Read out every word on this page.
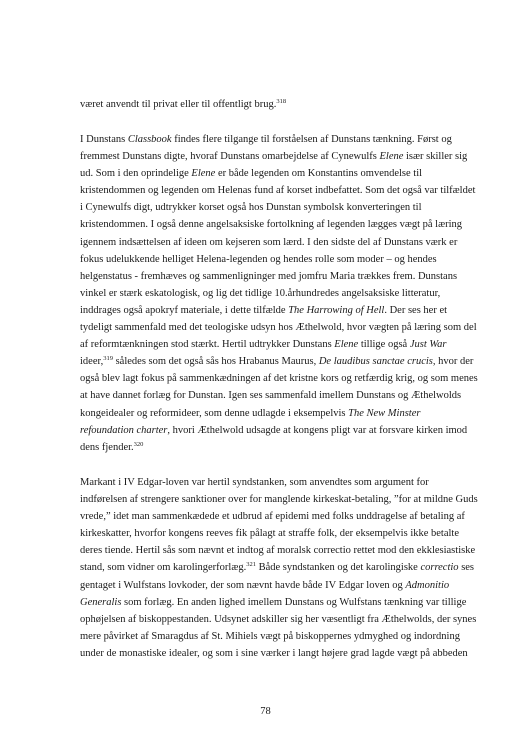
været anvendt til privat eller til offentligt brug.$^{318}$
I Dunstans Classbook findes flere tilgange til forståelsen af Dunstans tænkning. Først og
fremmest Dunstans digte, hvoraf Dunstans omarbejdelse af Cynewulfs Elene især skiller sig
ud. Som i den oprindelige Elene er både legenden om Konstantins omvendelse til
kristendommen og legenden om Helenas fund af korset indbefattet. Som det også var tilfældet
i Cynewulfs digt, udtrykker korset også hos Dunstan symbolsk konverteringen til
kristendommen. I også denne angelsaksiske fortolkning af legenden lægges vægt på læring
igennem indsættelsen af ideen om kejseren som lærd. I den sidste del af Dunstans værk er
fokus udelukkende helliget Helena-legenden og hendes rolle som moder – og hendes
helgenstatus - fremhæves og sammenligninger med jomfru Maria trækkes frem. Dunstans
vinkel er stærk eskatologisk, og lig det tidlige 10.århundredes angelsaksiske litteratur,
inddrages også apokryf materiale, i dette tilfælde The Harrowing of Hell. Der ses her et
tydeligt sammenfald med det teologiske udsyn hos Æthelwold, hvor vægten på læring som del
af reformtænkningen stod stærkt. Hertil udtrykker Dunstans Elene tillige også Just War
ideer,$^{319}$ således som det også sås hos Hrabanus Maurus, De laudibus sanctae crucis, hvor der
også blev lagt fokus på sammenkædningen af det kristne kors og retfærdig krig, og som menes
at have dannet forlæg for Dunstan. Igen ses sammenfald imellem Dunstans og Æthelwolds
kongeidealer og reformideer, som denne udlagde i eksempelvis The New Minster
refoundation charter, hvori Æthelwold udsagde at kongens pligt var at forsvare kirken imod
dens fjender.$^{320}$
Markant i IV Edgar-loven var hertil syndstanken, som anvendtes som argument for
indførelsen af strengere sanktioner over for manglende kirkeskat-betaling, ”for at mildne Guds
vrede,” idet man sammenkædede et udbrud af epidemi med folks unddragelse af betaling af
kirkeskatter, hvorfor kongens reeves fik pålagt at straffe folk, der eksempelvis ikke betalte
deres tiende. Hertil sås som nævnt et indtog af moralsk correctio rettet mod den ekklesiastiske
stand, som vidner om karolingerforlæg.$^{321}$ Både syndstanken og det karolingiske correctio ses
gentaget i Wulfstans lovkoder, der som nævnt havde både IV Edgar loven og Admonitio
Generalis som forlæg. En anden lighed imellem Dunstans og Wulfstans tænkning var tillige
ophøjelsen af biskoppestanden. Udsynet adskiller sig her væsentligt fra Æthelwolds, der synes
mere påvirket af Smaragdus af St. Mihiels vægt på biskoppernes ydmyghed og indordning
under de monastiske idealer, og som i sine værker i langt højere grad lagde vægt på abbeden
78
